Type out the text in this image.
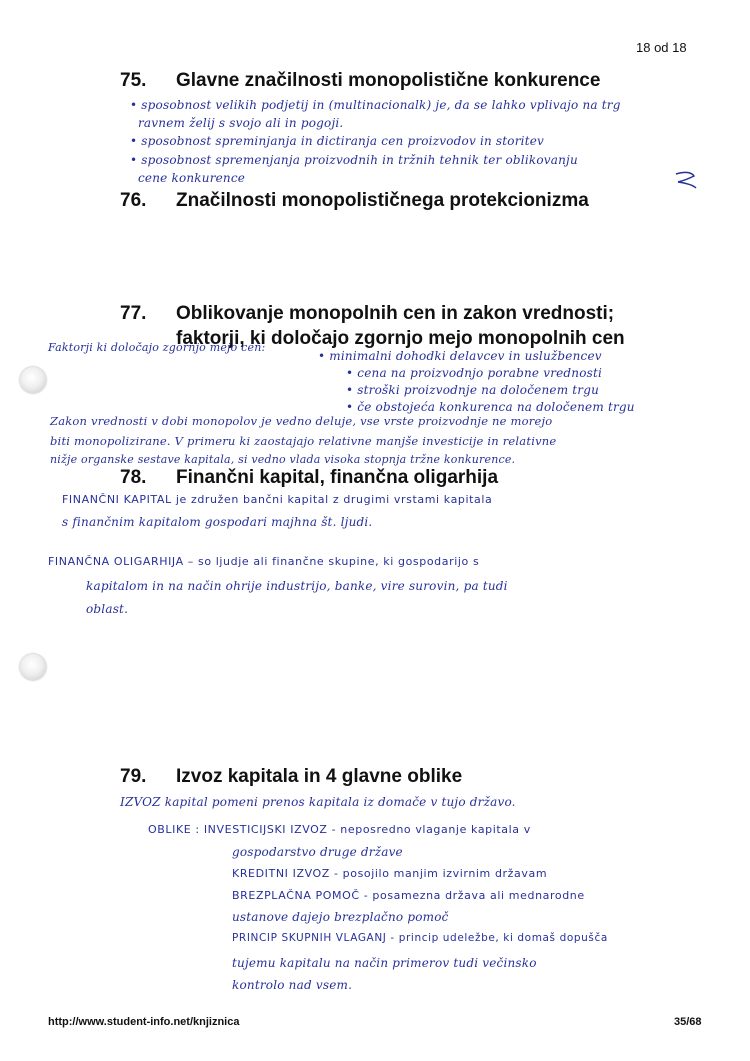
18 od 18
75. Glavne značilnosti monopolistične konkurence
• sposobnost velikih podjetij in (multinacionalk) je, da se lahko vplivajo na trg
ravnem želij s svojo ali in pogoji.
• sposobnost spreminjanja in dictiranja cen proizvodov in storitev
• sposobnost spremenjanja proizvodnih in tržnih tehnik ter oblikovanju
cene konkurence
76. Značilnosti monopolističnega protekcionizma
77. Oblikovanje monopolnih cen in zakon vrednosti;
faktorji, ki določajo zgornjo mejo monopolnih cen
Faktorji ki določajo zgornjo mejo cen:
• minimalni dohodki delavcev in uslužbencev
• cena na proizvodnjo porabne vrednosti
• stroški proizvodnje na določenem trgu
• če obstojeća konkurenca na določenem trgu
Zakon vrednosti v dobi monopolov je vedno deluje, vse vrste proizvodnje ne morejo
biti monopolizirane. V primeru ki zaostajajo relativne manjše investicije in relativne
nižje organske sestave kapitala, si vedno vlada visoka stopnja tržne konkurence.
78. Finančni kapital, finančna oligarhija
FINANČNI KAPITAL je združen bančni kapital z drugimi vrstami kapitala
s finančnim kapitalom gospodari majhna št. ljudi.
FINANČNA OLIGARHIJA – so ljudje ali finančne skupine, ki gospodarijo s
kapitalom in na način ohrije industrijo, banke, vire surovin, pa tudi
oblast.
79. Izvoz kapitala in 4 glavne oblike
IZVOZ kapital pomeni prenos kapitala iz domače v tujo državo.
OBLIKE : INVESTICIJSKI IZVOZ - neposredno vlaganje kapitala v
gospodarstvo druge države
KREDITNI IZVOZ - posojilo manjim izvirnim državam
BREZPLAČNA POMOČ - posamezna država ali mednarodne
ustanove dajejo brezplačno pomoč
PRINCIP SKUPNIH VLAGANJ - princip udeležbe, ki domaš dopušča
tujemu kapitalu na način primerov tudi večinsko
kontrolo nad vsem.
http://www.student-info.net/knjiznica	35/68
